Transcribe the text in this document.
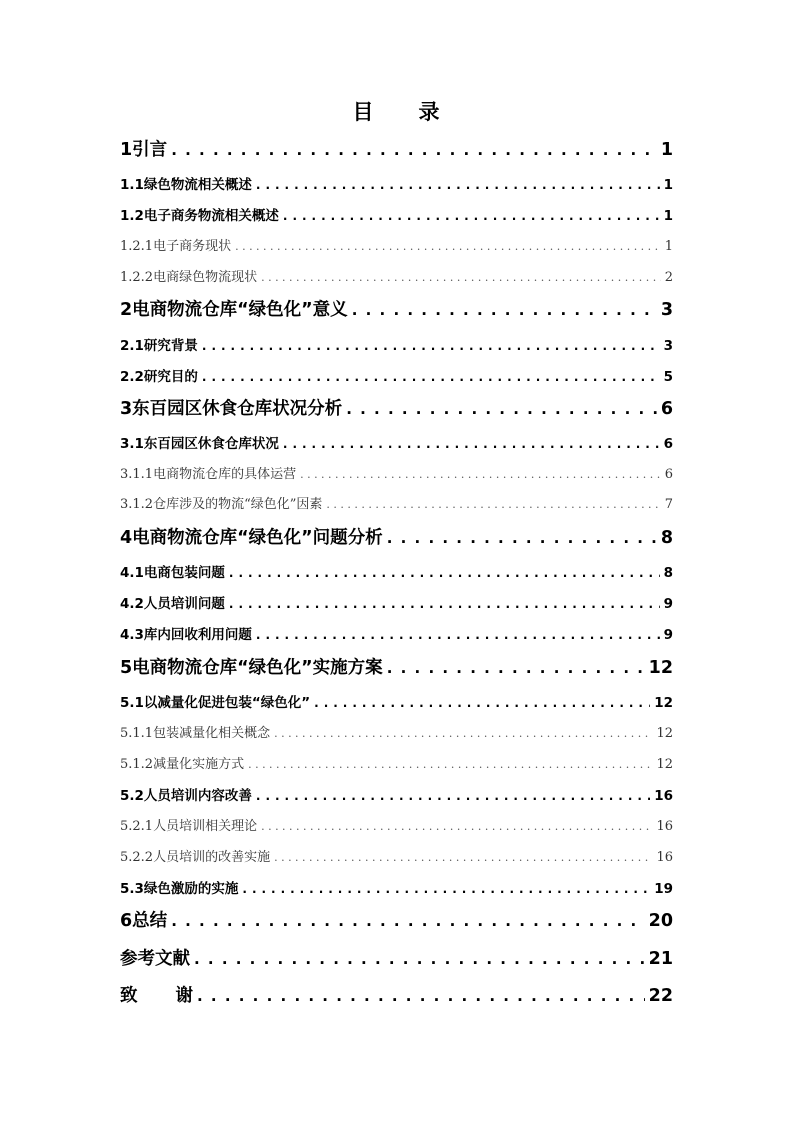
目 录
1引言 . . .	1
1.1绿色物流相关概述 . . .	1
1.2电子商务物流相关概述 . . .	1
1.2.1电子商务现状 . . .	1
1.2.2电商绿色物流现状 . . .	2
2电商物流仓库“绿色化”意义 . . .	3
2.1研究背景 . . .	3
2.2研究目的 . . .	5
3东百园区休食仓库状况分析 . . .	6
3.1东百园区休食仓库状况 . . .	6
3.1.1电商物流仓库的具体运营 . . .	6
3.1.2仓库涉及的物流“绿色化”因素 . . .	7
4电商物流仓库“绿色化”问题分析 . . .	8
4.1电商包装问题 . . .	8
4.2人员培训问题 . . .	9
4.3库内回收利用问题 . . .	9
5电商物流仓库“绿色化”实施方案 . . .	12
5.1以减量化促进包装“绿色化” . . .	12
5.1.1包装减量化相关概念 . . .	12
5.1.2减量化实施方式 . . .	12
5.2人员培训内容改善 . . .	16
5.2.1人员培训相关理论 . . .	16
5.2.2人员培训的改善实施 . . .	16
5.3绿色激励的实施 . . .	19
6总结 . . .	20
参考文献 . . .	21
致 谢 . . .	22
